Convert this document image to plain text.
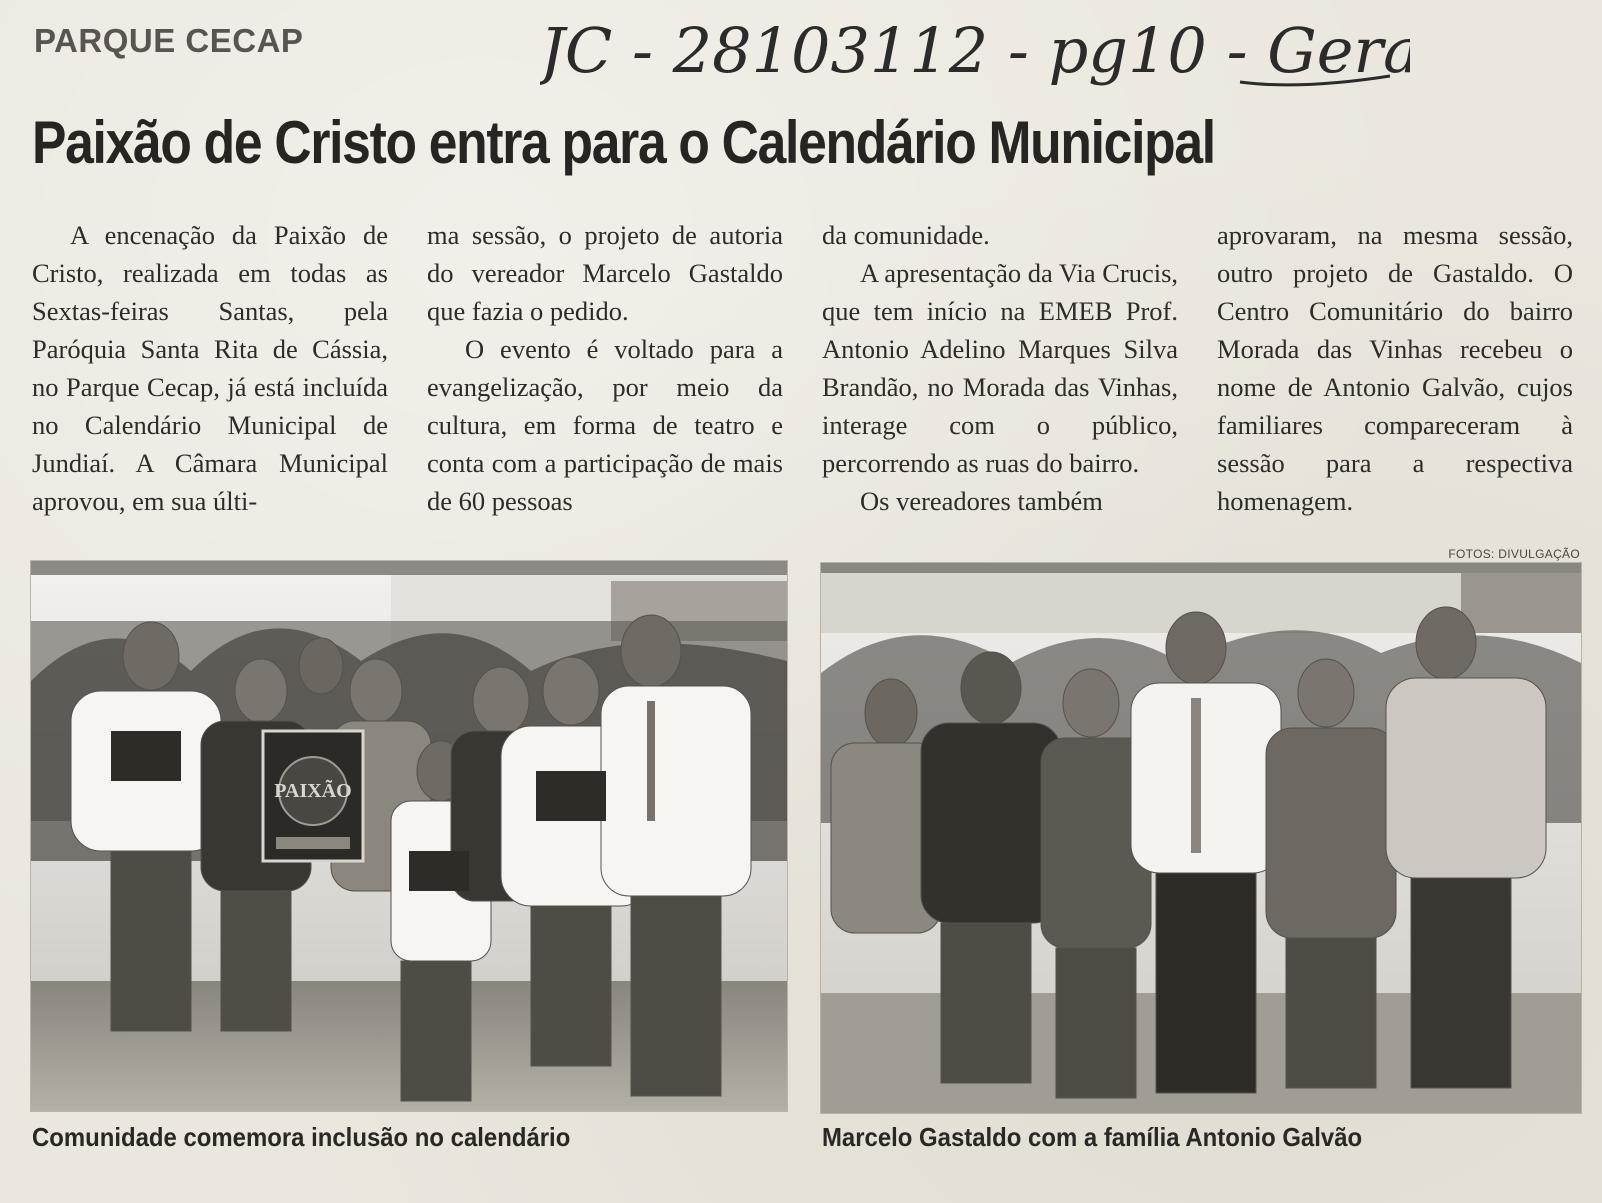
PARQUE CECAP	JC - 28103112 - pg10 - Geral
Paixão de Cristo entra para o Calendário Municipal

A encenação da Paixão de Cristo, realizada em todas as Sextas-feiras Santas, pela Paróquia Santa Rita de Cássia, no Parque Cecap, já está incluída no Calendário Municipal de Jundiaí. A Câmara Municipal aprovou, em sua últi-

ma sessão, o projeto de autoria do vereador Marcelo Gastaldo que fazia o pedido.

O evento é voltado para a evangelização, por meio da cultura, em forma de teatro e conta com a participação de mais de 60 pessoas

da comunidade.

A apresentação da Via Crucis, que tem início na EMEB Prof. Antonio Adelino Marques Silva Brandão, no Morada das Vinhas, interage com o público, percorrendo as ruas do bairro.

Os vereadores também

aprovaram, na mesma sessão, outro projeto de Gastaldo. O Centro Comunitário do bairro Morada das Vinhas recebeu o nome de Antonio Galvão, cujos familiares compareceram à sessão para a respectiva homenagem.

FOTOS: DIVULGAÇÃO
PAIXÃO
Comunidade comemora inclusão no calendário	Marcelo Gastaldo com a família Antonio Galvão
